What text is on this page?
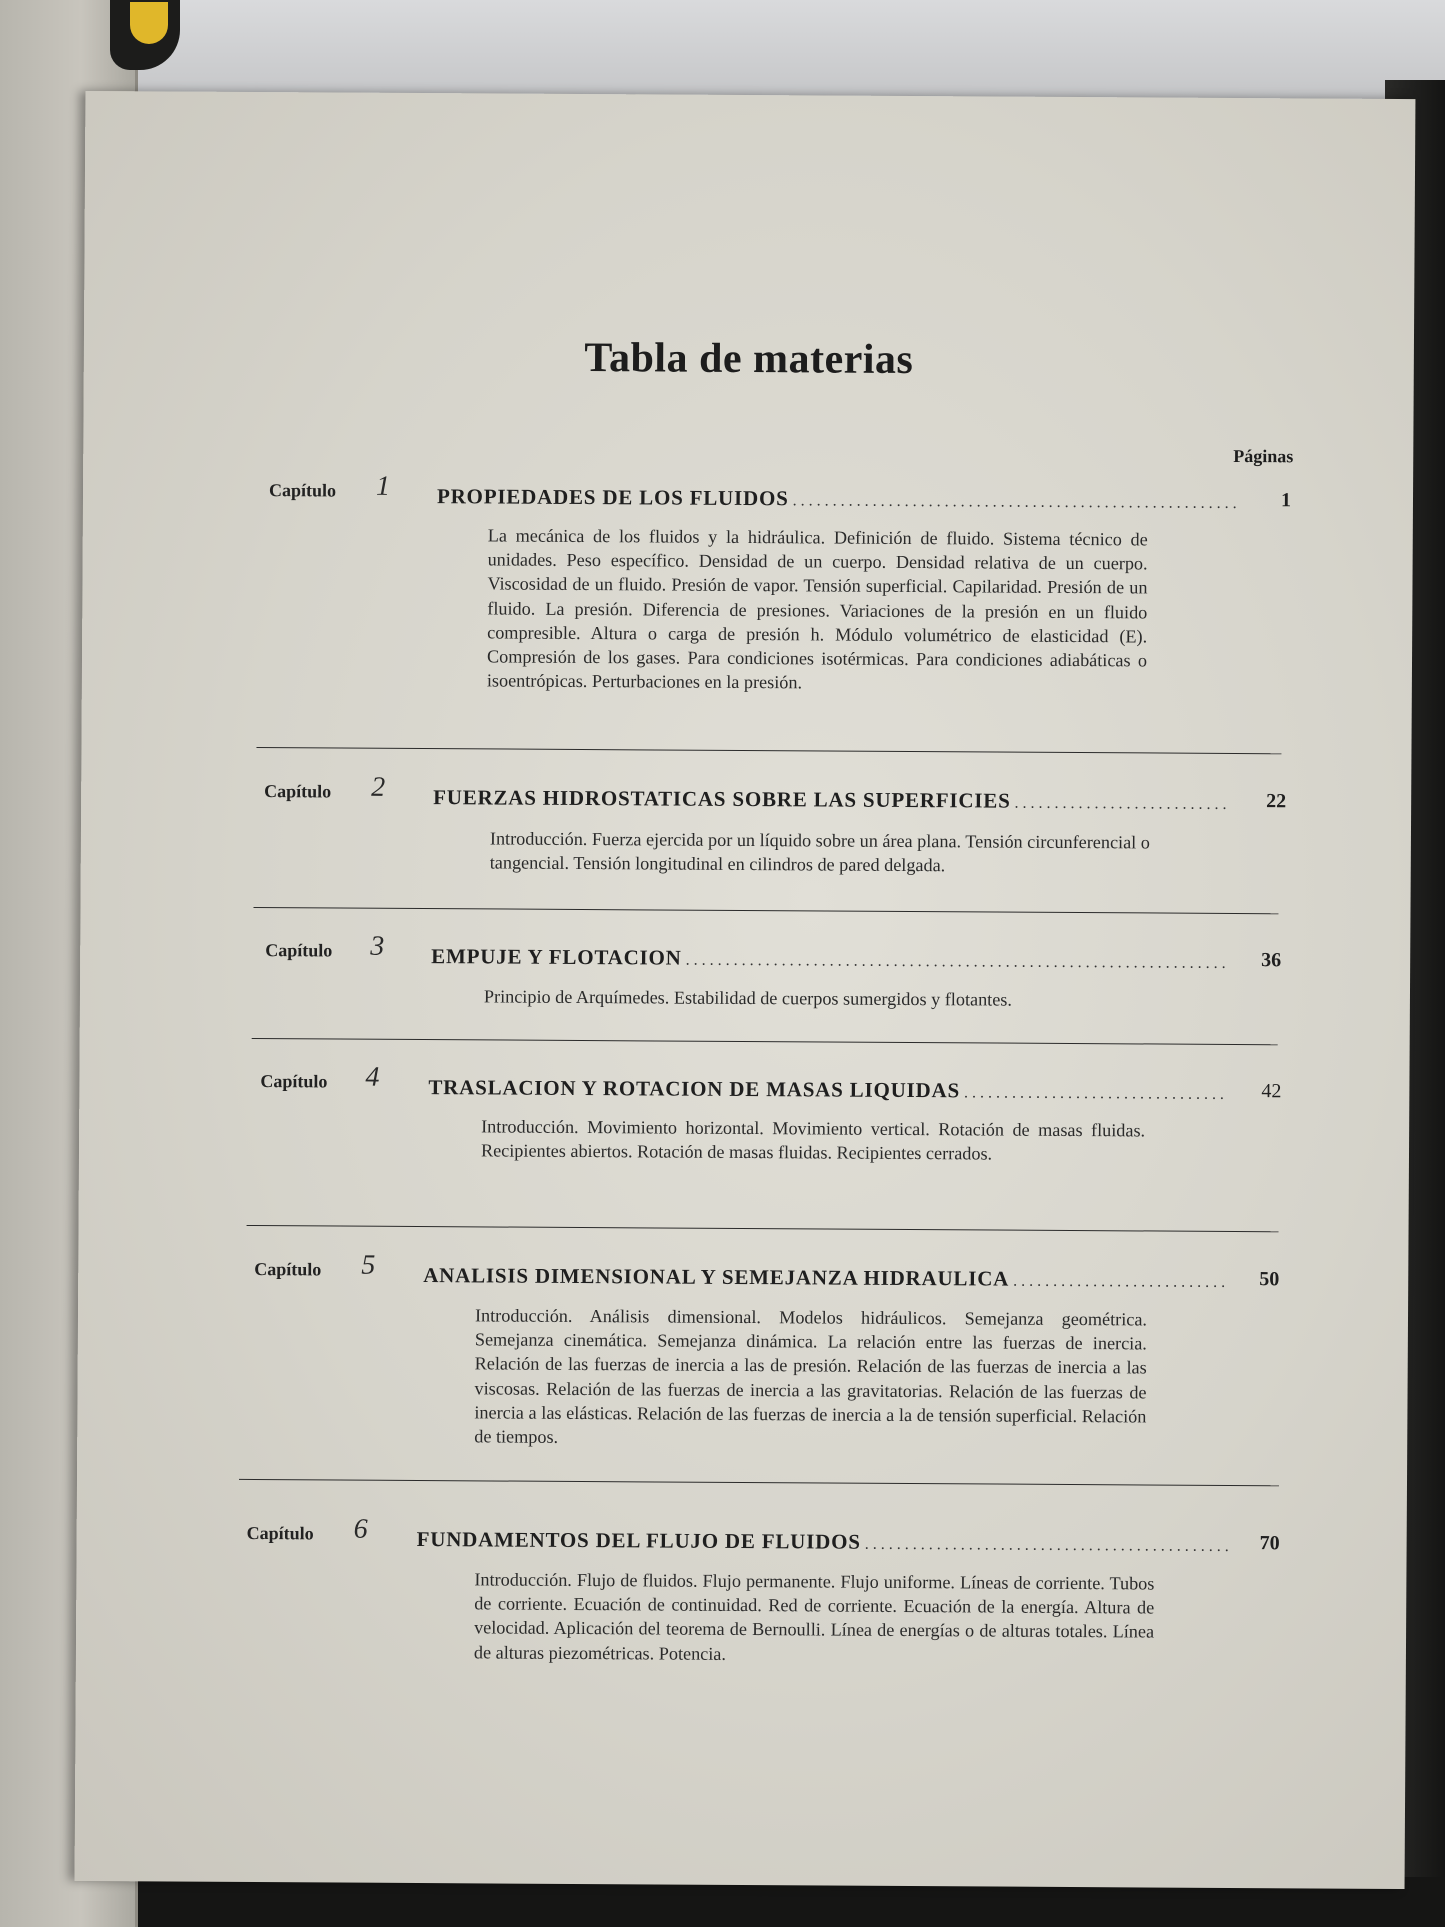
Tabla de materias
Páginas
Capítulo 1 PROPIEDADES DE LOS FLUIDOS . . .	1
La mecánica de los fluidos y la hidráulica. Definición de fluido. Sistema técnico de unidades. Peso específico. Densidad de un cuerpo. Densidad relativa de un cuerpo. Viscosidad de un fluido. Presión de vapor. Tensión superficial. Capilaridad. Presión de un fluido. La presión. Diferencia de presiones. Variaciones de la presión en un fluido compresible. Altura o carga de presión h. Módulo volumétrico de elasticidad (E). Compresión de los gases. Para condiciones isotérmicas. Para condiciones adiabáticas o isoentrópicas. Perturbaciones en la presión.
Capítulo 2 FUERZAS HIDROSTATICAS SOBRE LAS SUPERFICIES . . .	22
Introducción. Fuerza ejercida por un líquido sobre un área plana. Tensión circunferencial o tangencial. Tensión longitudinal en cilindros de pared delgada.
Capítulo 3 EMPUJE Y FLOTACION . . .	36
Principio de Arquímedes. Estabilidad de cuerpos sumergidos y flotantes.
Capítulo 4 TRASLACION Y ROTACION DE MASAS LIQUIDAS . . .	42
Introducción. Movimiento horizontal. Movimiento vertical. Rotación de masas fluidas. Recipientes abiertos. Rotación de masas fluidas. Recipientes cerrados.
Capítulo 5 ANALISIS DIMENSIONAL Y SEMEJANZA HIDRAULICA . . .	50
Introducción. Análisis dimensional. Modelos hidráulicos. Semejanza geométrica. Semejanza cinemática. Semejanza dinámica. La relación entre las fuerzas de inercia. Relación de las fuerzas de inercia a las de presión. Relación de las fuerzas de inercia a las viscosas. Relación de las fuerzas de inercia a las gravitatorias. Relación de las fuerzas de inercia a las elásticas. Relación de las fuerzas de inercia a la de tensión superficial. Relación de tiempos.
Capítulo 6 FUNDAMENTOS DEL FLUJO DE FLUIDOS . . .	70
Introducción. Flujo de fluidos. Flujo permanente. Flujo uniforme. Líneas de corriente. Tubos de corriente. Ecuación de continuidad. Red de corriente. Ecuación de la energía. Altura de velocidad. Aplicación del teorema de Bernoulli. Línea de energías o de alturas totales. Línea de alturas piezométricas. Potencia.
